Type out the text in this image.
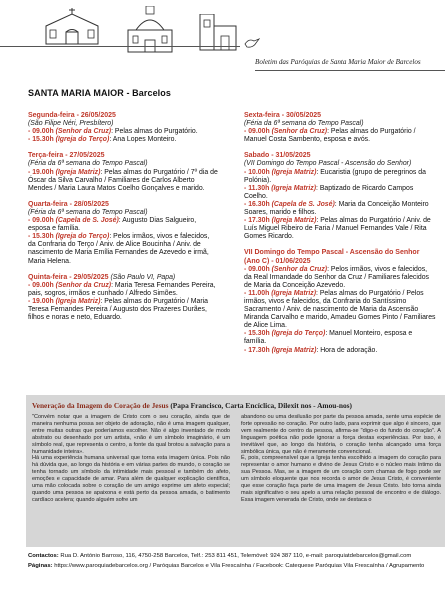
Boletim das Paróquias de Santa Maria Maior de Barcelos
SANTA MARIA MAIOR - Barcelos
Segunda-feira - 26/05/2025
(São Filipe Néri, Presbítero)
- 09.00h (Senhor da Cruz): Pelas almas do Purgatório.
- 15.30h (Igreja do Terço): Ana Lopes Monteiro.
Terça-feira - 27/05/2025
(Féria da 6ª semana do Tempo Pascal)
- 19.00h (Igreja Matriz): Pelas almas do Purgatório / 7º dia de Óscar da Silva Carvalho / Familiares de Carlos Alberto Mendes / Maria Laura Matos Coelho Gonçalves e marido.
Quarta-feira - 28/05/2025
(Féria da 6ª semana do Tempo Pascal)
- 09.00h (Capela de S. José): Augusto Dias Salgueiro, esposa e família.
- 15.30h (Igreja do Terço): Pelos irmãos, vivos e falecidos, da Confraria do Terço / Aniv. de Alice Boucinha / Aniv. de nascimento de Maria Emília Fernandes de Azevedo e irmã, Maria Helena.
Quinta-feira - 29/05/2025 (São Paulo VI, Papa)
- 09.00h (Senhor da Cruz): Maria Teresa Fernandes Pereira, pais, sogros, irmãos e cunhado / Alfredo Simões.
- 19.00h (Igreja Matriz): Pelas almas do Purgatório / Maria Teresa Fernandes Pereira / Augusto dos Prazeres Durães, filhos e noras e neto, Eduardo.
Sexta-feira - 30/05/2025
(Féria da 6ª semana do Tempo Pascal)
- 09.00h (Senhor da Cruz): Pelas almas do Purgatório / Manuel Costa Sambento, esposa e avós.
Sabado - 31/05/2025
(VII Domingo do Tempo Pascal - Ascensão do Senhor)
- 10.00h (Igreja Matriz): Eucaristia (grupo de peregrinos da Polónia).
- 11.30h (Igreja Matriz): Baptizado de Ricardo Campos Coelho.
- 16.30h (Capela de S. José): Maria da Conceição Monteiro Soares, marido e filhos.
- 17.30h (Igreja Matriz): Pelas almas do Purgatório / Aniv. de Luís Miguel Ribeiro de Faria / Manuel Fernandes Vale / Rita Gomes Ricardo.
VII Domingo do Tempo Pascal - Ascensão do Senhor (Ano C) - 01/06/2025
- 09.00h (Senhor da Cruz): Pelos irmãos, vivos e falecidos, da Real Irmandade do Senhor da Cruz / Familiares falecidos de Maria da Conceição Azevedo.
- 11.00h (Igreja Matriz): Pelas almas do Purgatório / Pelos irmãos, vivos e falecidos, da Confraria do Santíssimo Sacramento / Aniv. de nascimento de Maria da Ascensão Miranda Carvalho e marido, Amadeu Gomes Pinto / Familiares de Alice Lima.
- 15.30h (Igreja do Terço): Manuel Monteiro, esposa e família.
- 17.30h (Igreja Matriz): Hora de adoração.
Veneração da Imagem do Coração de Jesus (Papa Francisco, Carta Encíclica, Dilexit nos - Amou-nos)
"Convém notar que a imagem de Cristo com o seu coração, ainda que de maneira nenhuma possa ser objeto de adoração, não é uma imagem qualquer, entre muitas outras que poderíamos escolher. Não é algo inventado de modo abstrato ou desenhado por um artista, «não é um símbolo imaginário, é um símbolo real, que representa o centro, a fonte da qual brotou a salvação para a humanidade inteira».
Há uma experiência humana universal que torna esta imagem única. Pois não há dúvida que, ao longo da história e em várias partes do mundo, o coração se tenha tornado um símbolo da intimidade mais pessoal e também do afeto, emoções e capacidade de amar. Para além de qualquer explicação científica, uma mão colocada sobre o coração de um amigo exprime um afeto especial; quando uma pessoa se apaixona e está perto da pessoa amada, o batimento cardíaco acelera; quando alguém sofre um
abandono ou uma desilusão por parte da pessoa amada, sente uma espécie de forte opressão no coração. Por outro lado, para exprimir que algo é sincero, que vem realmente do centro da pessoa, afirma-se "digo-o do fundo do coração". A linguagem poética não pode ignorar a força destas experiências. Por isso, é inevitável que, ao longo da história, o coração tenha alcançado uma força simbólica única, que não é meramente convencional.
É, pois, compreensível que a Igreja tenha escolhido a imagem do coração para representar o amor humano e divino de Jesus Cristo e o núcleo mais íntimo da sua Pessoa. Mas, se a imagem de um coração com chamas de fogo pode ser um símbolo eloquente que nos recorda o amor de Jesus Cristo, é conveniente que esse coração faça parte de uma imagem de Jesus Cristo. Isto torna ainda mais significativo o seu apelo a uma relação pessoal de encontro e de diálogo. Essa imagem venerada de Cristo, onde se destaca o
Contactos: Rua D. António Barroso, 116, 4750-258 Barcelos, Telf.: 253 811 451, Telemóvel: 924 387 110, e-mail: paroquiatdebarcelos@gmail.com
Páginas: https://www.paroquiadebarcelos.org / Paróquias Barcelos e Vila Frescaínha / Facebook: Catequese Paróquias Vila Frescaínha / Agrupamento
